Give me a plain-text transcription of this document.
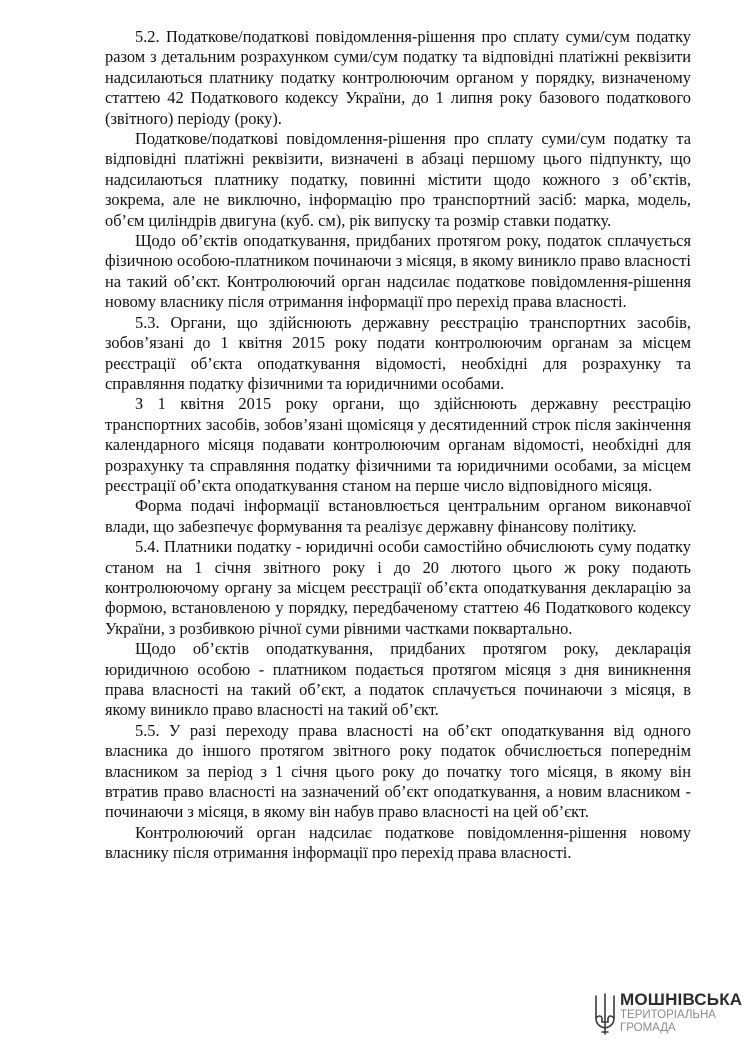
5.2. Податкове/податкові повідомлення-рішення про сплату суми/сум податку разом з детальним розрахунком суми/сум податку та відповідні платіжні реквізити надсилаються платнику податку контролюючим органом у порядку, визначеному статтею 42 Податкового кодексу України, до 1 липня року базового податкового (звітного) періоду (року).

Податкове/податкові повідомлення-рішення про сплату суми/сум податку та відповідні платіжні реквізити, визначені в абзаці першому цього підпункту, що надсилаються платнику податку, повинні містити щодо кожного з об’єктів, зокрема, але не виключно, інформацію про транспортний засіб: марка, модель, об’єм циліндрів двигуна (куб. см), рік випуску та розмір ставки податку.

Щодо об’єктів оподаткування, придбаних протягом року, податок сплачується фізичною особою-платником починаючи з місяця, в якому виникло право власності на такий об’єкт. Контролюючий орган надсилає податкове повідомлення-рішення новому власнику після отримання інформації про перехід права власності.

5.3. Органи, що здійснюють державну реєстрацію транспортних засобів, зобов’язані до 1 квітня 2015 року подати контролюючим органам за місцем реєстрації об’єкта оподаткування відомості, необхідні для розрахунку та справляння податку фізичними та юридичними особами.

З 1 квітня 2015 року органи, що здійснюють державну реєстрацію транспортних засобів, зобов’язані щомісяця у десятиденний строк після закінчення календарного місяця подавати контролюючим органам відомості, необхідні для розрахунку та справляння податку фізичними та юридичними особами, за місцем реєстрації об’єкта оподаткування станом на перше число відповідного місяця.

Форма подачі інформації встановлюється центральним органом виконавчої влади, що забезпечує формування та реалізує державну фінансову політику.

5.4. Платники податку - юридичні особи самостійно обчислюють суму податку станом на 1 січня звітного року і до 20 лютого цього ж року подають контролюючому органу за місцем реєстрації об’єкта оподаткування декларацію за формою, встановленою у порядку, передбаченому статтею 46 Податкового кодексу України, з розбивкою річної суми рівними частками поквартально.

Щодо об’єктів оподаткування, придбаних протягом року, декларація юридичною особою - платником подається протягом місяця з дня виникнення права власності на такий об’єкт, а податок сплачується починаючи з місяця, в якому виникло право власності на такий об’єкт.

5.5. У разі переходу права власності на об’єкт оподаткування від одного власника до іншого протягом звітного року податок обчислюється попереднім власником за період з 1 січня цього року до початку того місяця, в якому він втратив право власності на зазначений об’єкт оподаткування, а новим власником - починаючи з місяця, в якому він набув право власності на цей об’єкт.

Контролюючий орган надсилає податкове повідомлення-рішення новому власнику після отримання інформації про перехід права власності.

МОШНІВСЬКА
ТЕРИТОРІАЛЬНА
ГРОМАДА
